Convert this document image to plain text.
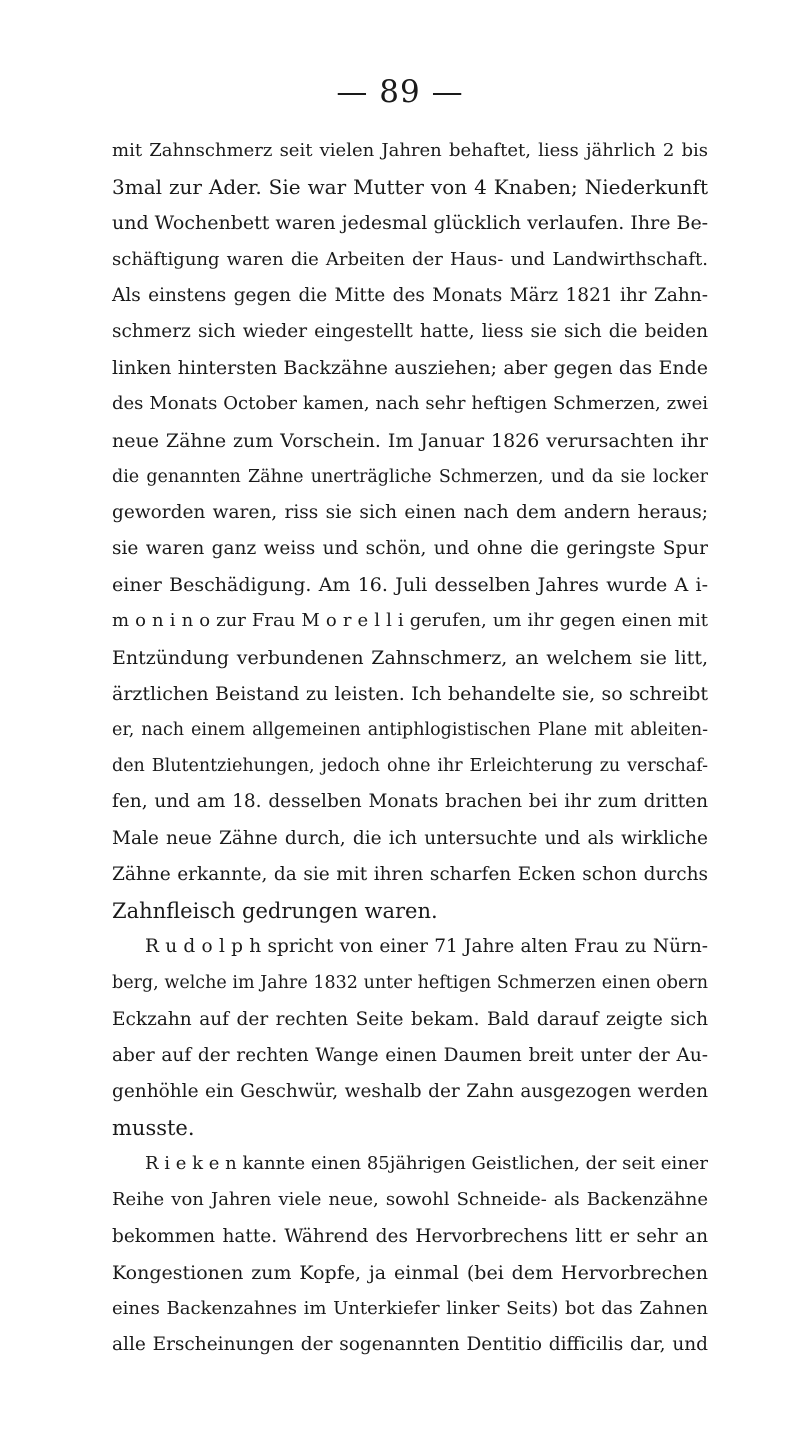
— 89 —
mit Zahnschmerz seit vielen Jahren behaftet, liess jährlich 2 bis
3mal zur Ader. Sie war Mutter von 4 Knaben; Niederkunft
und Wochenbett waren jedesmal glücklich verlaufen. Ihre Be-
schäftigung waren die Arbeiten der Haus- und Landwirthschaft.
Als einstens gegen die Mitte des Monats März 1821 ihr Zahn-
schmerz sich wieder eingestellt hatte, liess sie sich die beiden
linken hintersten Backzähne ausziehen; aber gegen das Ende
des Monats October kamen, nach sehr heftigen Schmerzen, zwei
neue Zähne zum Vorschein. Im Januar 1826 verursachten ihr
die genannten Zähne unerträgliche Schmerzen, und da sie locker
geworden waren, riss sie sich einen nach dem andern heraus;
sie waren ganz weiss und schön, und ohne die geringste Spur
einer Beschädigung. Am 16. Juli desselben Jahres wurde A i-
m o n i n o zur Frau M o r e l l i gerufen, um ihr gegen einen mit
Entzündung verbundenen Zahnschmerz, an welchem sie litt,
ärztlichen Beistand zu leisten. Ich behandelte sie, so schreibt
er, nach einem allgemeinen antiphlogistischen Plane mit ableiten-
den Blutentziehungen, jedoch ohne ihr Erleichterung zu verschaf-
fen, und am 18. desselben Monats brachen bei ihr zum dritten
Male neue Zähne durch, die ich untersuchte und als wirkliche
Zähne erkannte, da sie mit ihren scharfen Ecken schon durchs
Zahnfleisch gedrungen waren.
R u d o l p h spricht von einer 71 Jahre alten Frau zu Nürn-
berg, welche im Jahre 1832 unter heftigen Schmerzen einen obern
Eckzahn auf der rechten Seite bekam. Bald darauf zeigte sich
aber auf der rechten Wange einen Daumen breit unter der Au-
genhöhle ein Geschwür, weshalb der Zahn ausgezogen werden
musste.
R i e k e n kannte einen 85jährigen Geistlichen, der seit einer
Reihe von Jahren viele neue, sowohl Schneide- als Backenzähne
bekommen hatte. Während des Hervorbrechens litt er sehr an
Kongestionen zum Kopfe, ja einmal (bei dem Hervorbrechen
eines Backenzahnes im Unterkiefer linker Seits) bot das Zahnen
alle Erscheinungen der sogenannten Dentitio difficilis dar, und
